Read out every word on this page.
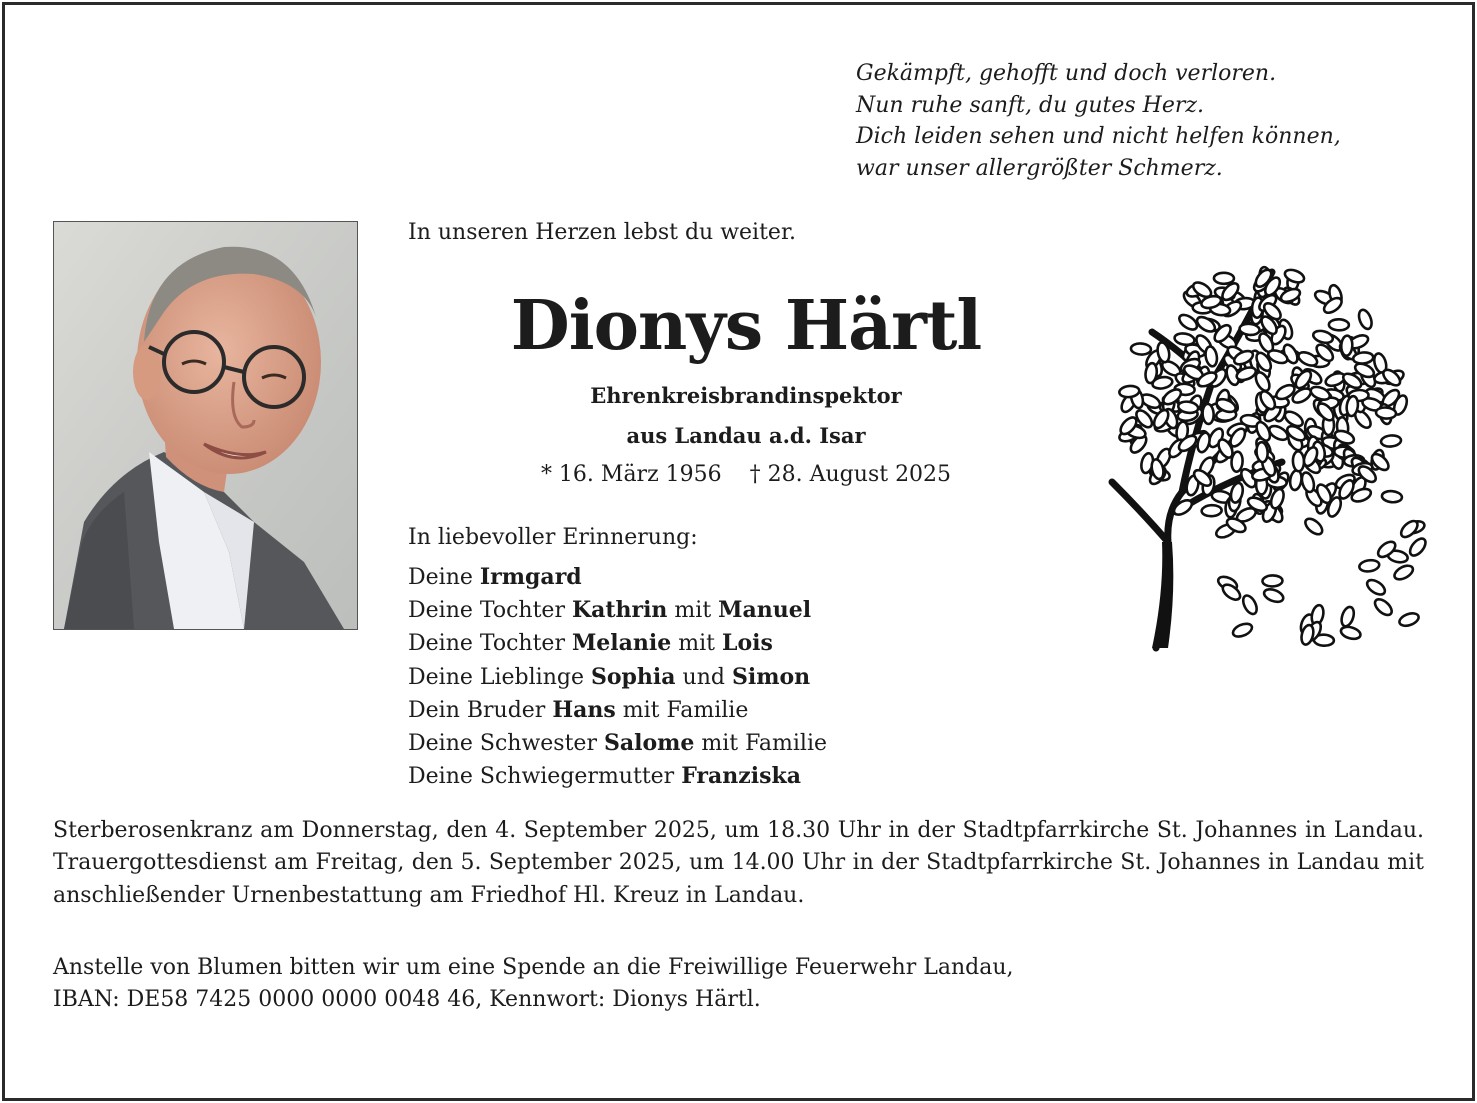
Gekämpft, gehofft und doch verloren.
Nun ruhe sanft, du gutes Herz.
Dich leiden sehen und nicht helfen können,
war unser allergrößter Schmerz.
In unseren Herzen lebst du weiter.
Dionys Härtl
Ehrenkreisbrandinspektor
aus Landau a.d. Isar
* 16. März 1956 † 28. August 2025
In liebevoller Erinnerung:
Deine Irmgard
Deine Tochter Kathrin mit Manuel
Deine Tochter Melanie mit Lois
Deine Lieblinge Sophia und Simon
Dein Bruder Hans mit Familie
Deine Schwester Salome mit Familie
Deine Schwiegermutter Franziska
Sterberosenkranz am Donnerstag, den 4. September 2025, um 18.30 Uhr in der Stadtpfarrkirche St. Johannes in Landau. Trauergottesdienst am Freitag, den 5. September 2025, um 14.00 Uhr in der Stadtpfarrkirche St. Johannes in Landau mit anschließender Urnenbestattung am Friedhof Hl. Kreuz in Landau.
Anstelle von Blumen bitten wir um eine Spende an die Freiwillige Feuerwehr Landau,
IBAN: DE58 7425 0000 0000 0048 46, Kennwort: Dionys Härtl.
